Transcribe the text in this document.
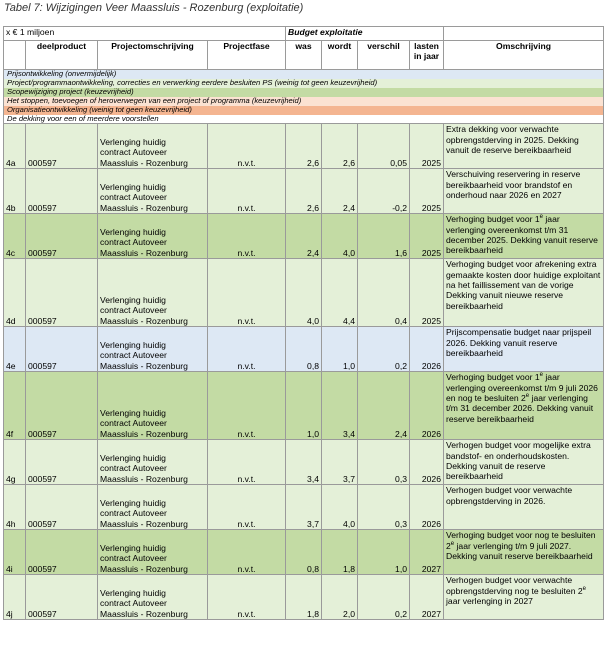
Tabel 7: Wijzigingen Veer Maassluis - Rozenburg (exploitatie)
x € 1 miljoen				Budget exploitatie				
	deelproduct	Projectomschrijving	Projectfase	was	wordt	verschil	lasten in jaar	Omschrijving
Prijsontwikkeling (onvermijdelijk)								
Project/programmaontwikkeling, correcties en verwerking eerdere besluiten PS (weinig tot geen keuzevrijheid)								
Scopewijziging project (keuzevrijheid)								
Het stoppen, toevoegen of heroverwegen van een project of programma (keuzevrijheid)								
Organisatieontwikkeling (weinig tot geen keuzevrijheid)								
De dekking voor een of meerdere voorstellen								
4a	000597	Verlenging huidig
contract Autoveer
Maassluis - Rozenburg	n.v.t.	2,6	2,6	0,05	2025	Extra dekking voor verwachte opbrengstderving in 2025. Dekking vanuit de reserve bereikbaarheid
4b	000597	Verlenging huidig
contract Autoveer
Maassluis - Rozenburg	n.v.t.	2,6	2,4	-0,2	2025	Verschuiving reservering in reserve bereikbaarheid voor brandstof en onderhoud naar 2026 en 2027
4c	000597	Verlenging huidig
contract Autoveer
Maassluis - Rozenburg	n.v.t.	2,4	4,0	1,6	2025	Verhoging budget voor 1e jaar verlenging overeenkomst t/m 31 december 2025. Dekking vanuit reserve bereikbaarheid
4d	000597	Verlenging huidig
contract Autoveer
Maassluis - Rozenburg	n.v.t.	4,0	4,4	0,4	2025	Verhoging budget voor afrekening extra gemaakte kosten door huidige exploitant na het faillissement van de vorige Dekking vanuit nieuwe reserve bereikbaarheid
4e	000597	Verlenging huidig
contract Autoveer
Maassluis - Rozenburg	n.v.t.	0,8	1,0	0,2	2026	Prijscompensatie budget naar prijspeil 2026. Dekking vanuit reserve bereikbaarheid
4f	000597	Verlenging huidig
contract Autoveer
Maassluis - Rozenburg	n.v.t.	1,0	3,4	2,4	2026	Verhoging budget voor 1e jaar verlenging overeenkomst t/m 9 juli 2026 en nog te besluiten 2e jaar verlenging t/m 31 december 2026. Dekking vanuit reserve bereikbaarheid
4g	000597	Verlenging huidig
contract Autoveer
Maassluis - Rozenburg	n.v.t.	3,4	3,7	0,3	2026	Verhogen budget voor mogelijke extra bandstof- en onderhoudskosten. Dekking vanuit de reserve bereikbaarheid
4h	000597	Verlenging huidig
contract Autoveer
Maassluis - Rozenburg	n.v.t.	3,7	4,0	0,3	2026	Verhogen budget voor verwachte opbrengstderving in 2026.
4i	000597	Verlenging huidig
contract Autoveer
Maassluis - Rozenburg	n.v.t.	0,8	1,8	1,0	2027	Verhoging budget voor nog te besluiten 2e jaar verlenging t/m 9 juli 2027. Dekking vanuit reserve bereikbaarheid
4j	000597	Verlenging huidig
contract Autoveer
Maassluis - Rozenburg	n.v.t.	1,8	2,0	0,2	2027	Verhogen budget voor verwachte opbrengstderving nog te besluiten 2e jaar verlenging in 2027
